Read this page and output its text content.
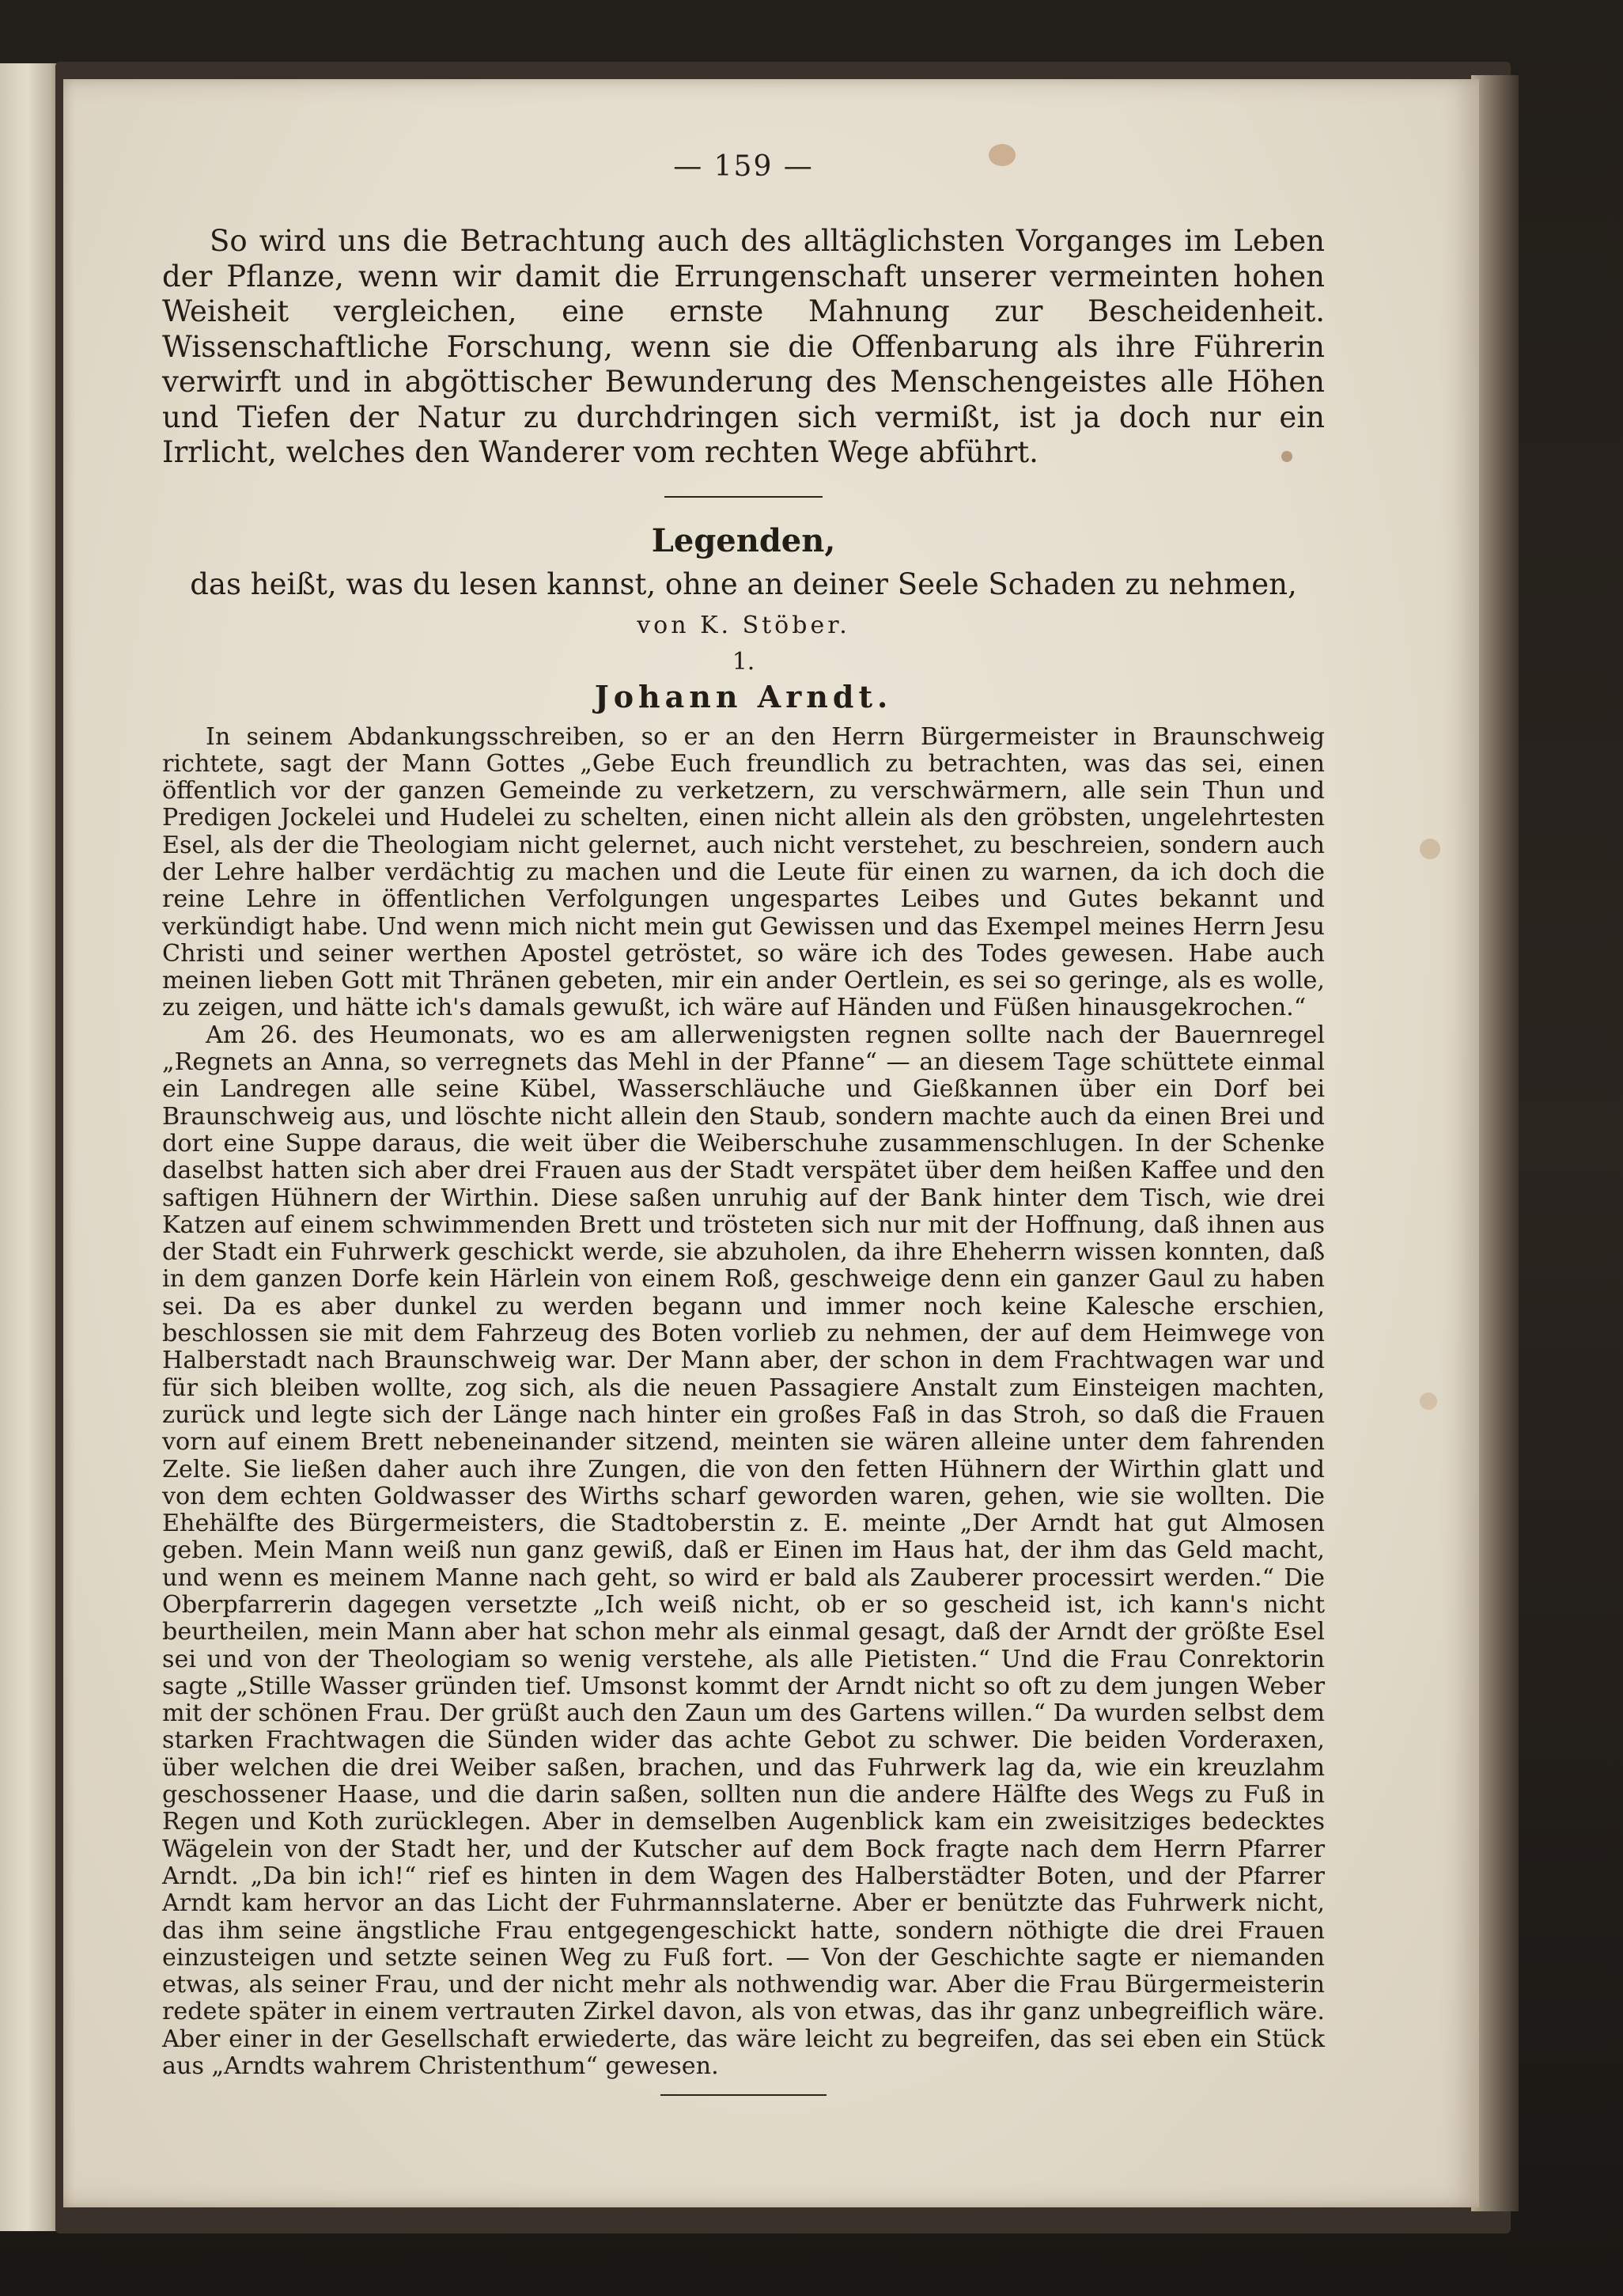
— 159 —

So wird uns die Betrachtung auch des alltäglichsten Vorganges im Leben der Pflanze, wenn wir damit die Errungenschaft unserer vermeinten hohen Weisheit vergleichen, eine ernste Mahnung zur Bescheidenheit. Wissenschaftliche Forschung, wenn sie die Offenbarung als ihre Führerin verwirft und in abgöttischer Bewunderung des Menschengeistes alle Höhen und Tiefen der Natur zu durchdringen sich vermißt, ist ja doch nur ein Irrlicht, welches den Wanderer vom rechten Wege abführt.

Legenden,
das heißt, was du lesen kannst, ohne an deiner Seele Schaden zu nehmen,
von K. Stöber.
1.
Johann Arndt.

In seinem Abdankungsschreiben, so er an den Herrn Bürgermeister in Braunschweig richtete, sagt der Mann Gottes „Gebe Euch freundlich zu betrachten, was das sei, einen öffentlich vor der ganzen Gemeinde zu verketzern, zu verschwärmern, alle sein Thun und Predigen Jockelei und Hudelei zu schelten, einen nicht allein als den gröbsten, ungelehrtesten Esel, als der die Theologiam nicht gelernet, auch nicht verstehet, zu beschreien, sondern auch der Lehre halber verdächtig zu machen und die Leute für einen zu warnen, da ich doch die reine Lehre in öffentlichen Verfolgungen ungespartes Leibes und Gutes bekannt und verkündigt habe. Und wenn mich nicht mein gut Gewissen und das Exempel meines Herrn Jesu Christi und seiner werthen Apostel getröstet, so wäre ich des Todes gewesen. Habe auch meinen lieben Gott mit Thränen gebeten, mir ein ander Oertlein, es sei so geringe, als es wolle, zu zeigen, und hätte ich's damals gewußt, ich wäre auf Händen und Füßen hinausgekrochen.“

Am 26. des Heumonats, wo es am allerwenigsten regnen sollte nach der Bauernregel „Regnets an Anna, so verregnets das Mehl in der Pfanne“ — an diesem Tage schüttete einmal ein Landregen alle seine Kübel, Wasserschläuche und Gießkannen über ein Dorf bei Braunschweig aus, und löschte nicht allein den Staub, sondern machte auch da einen Brei und dort eine Suppe daraus, die weit über die Weiberschuhe zusammenschlugen. In der Schenke daselbst hatten sich aber drei Frauen aus der Stadt verspätet über dem heißen Kaffee und den saftigen Hühnern der Wirthin. Diese saßen unruhig auf der Bank hinter dem Tisch, wie drei Katzen auf einem schwimmenden Brett und trösteten sich nur mit der Hoffnung, daß ihnen aus der Stadt ein Fuhrwerk geschickt werde, sie abzuholen, da ihre Eheherrn wissen konnten, daß in dem ganzen Dorfe kein Härlein von einem Roß, geschweige denn ein ganzer Gaul zu haben sei. Da es aber dunkel zu werden begann und immer noch keine Kalesche erschien, beschlossen sie mit dem Fahrzeug des Boten vorlieb zu nehmen, der auf dem Heimwege von Halberstadt nach Braunschweig war. Der Mann aber, der schon in dem Frachtwagen war und für sich bleiben wollte, zog sich, als die neuen Passagiere Anstalt zum Einsteigen machten, zurück und legte sich der Länge nach hinter ein großes Faß in das Stroh, so daß die Frauen vorn auf einem Brett nebeneinander sitzend, meinten sie wären alleine unter dem fahrenden Zelte. Sie ließen daher auch ihre Zungen, die von den fetten Hühnern der Wirthin glatt und von dem echten Goldwasser des Wirths scharf geworden waren, gehen, wie sie wollten. Die Ehehälfte des Bürgermeisters, die Stadtoberstin z. E. meinte „Der Arndt hat gut Almosen geben. Mein Mann weiß nun ganz gewiß, daß er Einen im Haus hat, der ihm das Geld macht, und wenn es meinem Manne nach geht, so wird er bald als Zauberer processirt werden.“ Die Oberpfarrerin dagegen versetzte „Ich weiß nicht, ob er so gescheid ist, ich kann's nicht beurtheilen, mein Mann aber hat schon mehr als einmal gesagt, daß der Arndt der größte Esel sei und von der Theologiam so wenig verstehe, als alle Pietisten.“ Und die Frau Conrektorin sagte „Stille Wasser gründen tief. Umsonst kommt der Arndt nicht so oft zu dem jungen Weber mit der schönen Frau. Der grüßt auch den Zaun um des Gartens willen.“ Da wurden selbst dem starken Frachtwagen die Sünden wider das achte Gebot zu schwer. Die beiden Vorderaxen, über welchen die drei Weiber saßen, brachen, und das Fuhrwerk lag da, wie ein kreuzlahm geschossener Haase, und die darin saßen, sollten nun die andere Hälfte des Wegs zu Fuß in Regen und Koth zurücklegen. Aber in demselben Augenblick kam ein zweisitziges bedecktes Wägelein von der Stadt her, und der Kutscher auf dem Bock fragte nach dem Herrn Pfarrer Arndt. „Da bin ich!“ rief es hinten in dem Wagen des Halberstädter Boten, und der Pfarrer Arndt kam hervor an das Licht der Fuhrmannslaterne. Aber er benützte das Fuhrwerk nicht, das ihm seine ängstliche Frau entgegengeschickt hatte, sondern nöthigte die drei Frauen einzusteigen und setzte seinen Weg zu Fuß fort. — Von der Geschichte sagte er niemanden etwas, als seiner Frau, und der nicht mehr als nothwendig war. Aber die Frau Bürgermeisterin redete später in einem vertrauten Zirkel davon, als von etwas, das ihr ganz unbegreiflich wäre. Aber einer in der Gesellschaft erwiederte, das wäre leicht zu begreifen, das sei eben ein Stück aus „Arndts wahrem Christenthum“ gewesen.
